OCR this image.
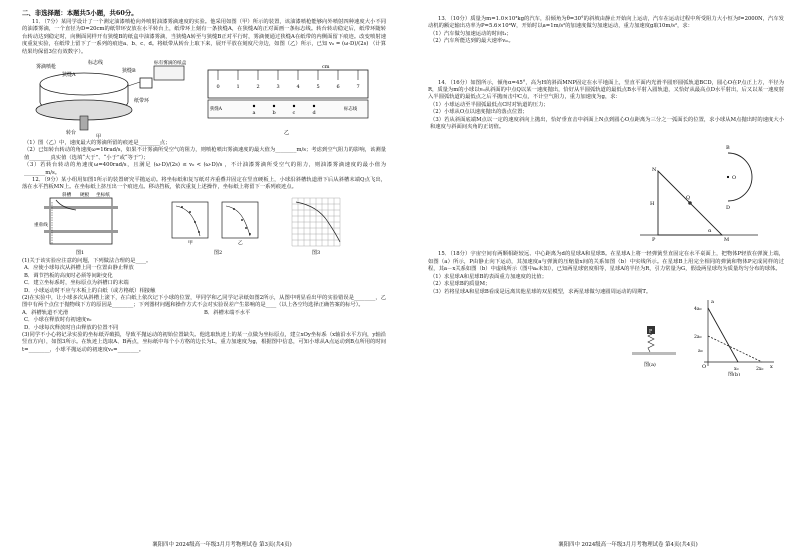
二、非选择题：本题共5小题，共60分。

11．（7分）某同学设计了一个测定油漆喷枪向外喷射油漆雾滴速度的实验。他采用如图（甲）所示的装置，该油漆喷枪能够向外喷射四种速度大小不同的油漆雾滴，一个直径为D=20cm的纸带环安放在水平转台上，纸带环上刻有一条狭缝A，在狭缝A的正对面画一条标志线。转台转动稳定后，纸带环随转台转动达到稳定时，向侧面同样开有狭缝B的纸盒中油漆雾滴，当狭缝A转至与狭缝B正对平行时，雾滴便通过狭缝A在纸带的内侧面留下痕迹。改变喷射速度重复实验，在纸带上留下了一系列的痕迹a、b、c、d。将纸带从转台上取下来，展开平放在刻度尺旁边，如图（乙）所示，已知 v₀ = (ω·D)/(2s) （计算结果均保留3位有效数字）。

雾滴喷枪
标志线
狭缝A
狭缝B
标有雾滴的纸盒
纸带环
转台
甲
0	1	2	3	4	5	6	7
cm
狭缝A	标志线
a	b	c	d
乙

（1）图（乙）中，速度最大的雾滴所留的痕迹是________点；

（2）已知转台转动的角速度ω=16rad/s，如果不计雾滴所受空气的阻力，则喷枪喷出雾滴速度的最大值为________m/s；考虑到空气阻力的影响，该测量值________真实值（选填“大于”、“小于”或“等于”）；

（3）若转台转动的角速度ω=400rad/s，且满足 (ω·D)/(2s) ≤ v₀ < (ω·D)/s ，不计油漆雾滴所受空气的阻力，则油漆雾滴速度的最小值为________m/s。

12．（9分）某小组用如图1所示的装置研究平抛运动。将坐标纸和复写纸对齐重叠并固定在竖直硬板上，小球沿斜槽轨道滑下后从斜槽末端Q点飞出，落在水平挡板MN上。在坐标纸上挤压出一个痕迹点。移动挡板，依次重复上述操作，坐标纸上将留下一系列痕迹点。

斜槽 硬板 坐标纸
重垂线
图1
甲	乙
图2	图3

(1)关于该实验应注意的问题，下列做法合理的是____。

A．应使小球每次从斜槽上同一位置由静止释放

B．调节挡板的高度时必须等间距变化

C．建立坐标系时，坐标原点为斜槽口的末端

D．小球运动时不应与木板上的白纸（或方格纸）相接触

(2)在实验中，让小球多次从斜槽上滚下，在白纸上依次记下小球的位置，甲同学和乙同学记录纸如图2所示，从图中明显看出甲的实验错误是________，乙图中有两个点位于抛物线下方的原因是________；下列器材问题和操作方式不会对实验误差产生影响的是____（以上各空均选择正确答案的标号）。

A．斜槽轨道不光滑	B．斜槽末端不水平

C．小球在释放时有初速度v₀

D．小球每次释放时自由释放的位置不同

(3)同学不小心将记录实验的坐标纸弄破损，导致平抛运动的初始位置缺失。他选取轨迹上的某一点做为坐标原点，建立xOy坐标系（x轴沿水平方向，y轴沿竖直方向），如图3所示。在轨迹上选取A、B两点，坐标纸中每个小方格的边长为L，重力加速度为g，根据图中信息，可知小球从A点运动到B点所用的时间t=________，小球平抛运动的初速度v₀=________。

襄阳四中 2024级高一年级3月月考物理试卷 第3页(共4页)

13．（10分）质量为m=1.0×10³kg的汽车，沿倾角为θ=30°的斜坡由静止开始向上运动，汽车在运动过程中所受阻力大小恒为f=2000N，汽车发动机的额定输出功率为P=5.6×10⁴W，开始时以a=1m/s²的加速度做匀加速运动，重力加速度g取10m/s²，求：

（1）汽车做匀加速运动的时间t₁；

（2）汽车所能达到的最大速率vₘ。

14．（16分）如图所示，倾角α=45°，高为H的斜面MNP固定在水平地面上，竖直平面内光滑半圆形圆弧轨道BCD，圆心O在P点正上方，半径为R，质量为m的小球以v₀从斜面的中点Q以某一速度抛出，恰好从半圆弧轨道的最低点B水平射入圆轨道，又恰好从最高点D水平射出，后又以某一速度射入半圆弧轨道的最低点之后平抛而击中C点，不计空气阻力，重力加速度为g，求：

（1）小球运动至半圆弧最低点C时对轨道的压力；

（2）小球从O点以速度抛出的落点位置；

（3）若从斜面底端M点以一定的速度斜向上抛出，恰好垂直击中斜面上N点到圆心O点距离为三分之一弧面长的位置，求小球从M点抛出时的速度大小和速度与斜面间夹角的正切值。

B
D
O
N
H
Q
P	M
α

15．（18分）宇宙空间有两颗相距较远、中心距离为d的星球A和星球B。在星球A上将一轻弹簧竖直固定在水平桌面上，把物体P轻放在弹簧上端，如图（a）所示，P由静止向下运动，其加速度a与弹簧的压缩量x间的关系如图（b）中实线所示。在星球B上用完全相同的弹簧和物体P完成同样的过程，其a－x关系如图（b）中虚线所示（图中a₀未知），已知两星球密度相等，星球A的半径为R，引力常量为G，假设两星球均为质量均匀分布的球体。

（1）求星球A和星球B的表面重力加速度的比值；

（2）求星球B的质量M；

（3）若将星球A和星球B看成是远离其他星球的双星模型，求两星球做匀速圆周运动的周期T。

P
图(a)
a
x
O
4a₀
2a₀
a₀
x₀	2x₀
图(b)
襄阳四中 2024级高一年级3月月考物理试卷 第4页(共4页)
